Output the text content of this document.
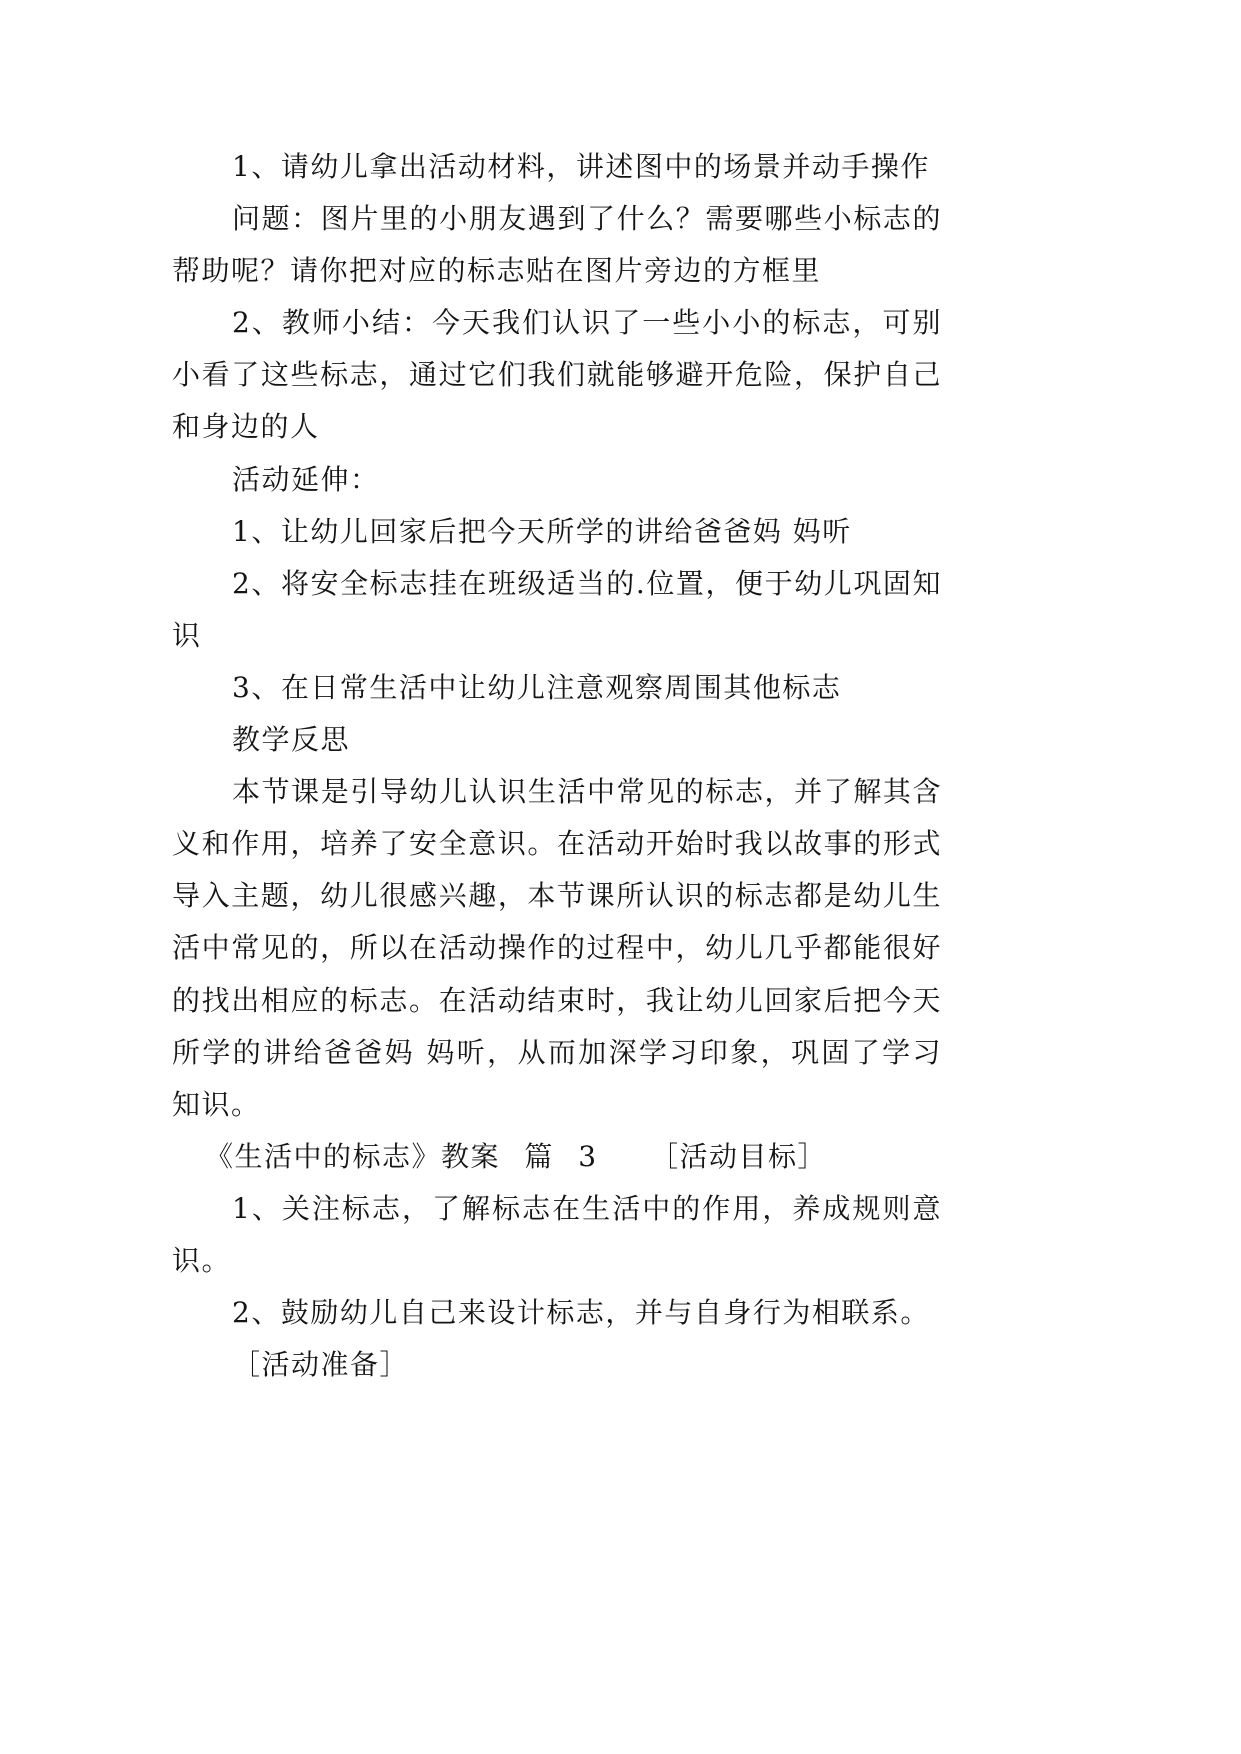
1、请幼儿拿出活动材料，讲述图中的场景并动手操作
问题：图片里的小朋友遇到了什么？需要哪些小标志的
帮助呢？请你把对应的标志贴在图片旁边的方框里
2、教师小结：今天我们认识了一些小小的标志，可别
小看了这些标志，通过它们我们就能够避开危险，保护自己
和身边的人
活动延伸：
1、让幼儿回家后把今天所学的讲给爸爸妈 妈听
2、将安全标志挂在班级适当的.位置，便于幼儿巩固知
识
3、在日常生活中让幼儿注意观察周围其他标志
教学反思
本节课是引导幼儿认识生活中常见的标志，并了解其含
义和作用，培养了安全意识。在活动开始时我以故事的形式
导入主题，幼儿很感兴趣，本节课所认识的标志都是幼儿生
活中常见的，所以在活动操作的过程中，幼儿几乎都能很好
的找出相应的标志。在活动结束时，我让幼儿回家后把今天
所学的讲给爸爸妈 妈听，从而加深学习印象，巩固了学习
知识。
《生活中的标志》教案 篇 3 ［活动目标］
1、关注标志，了解标志在生活中的作用，养成规则意
识。
2、鼓励幼儿自己来设计标志，并与自身行为相联系。
［活动准备］
